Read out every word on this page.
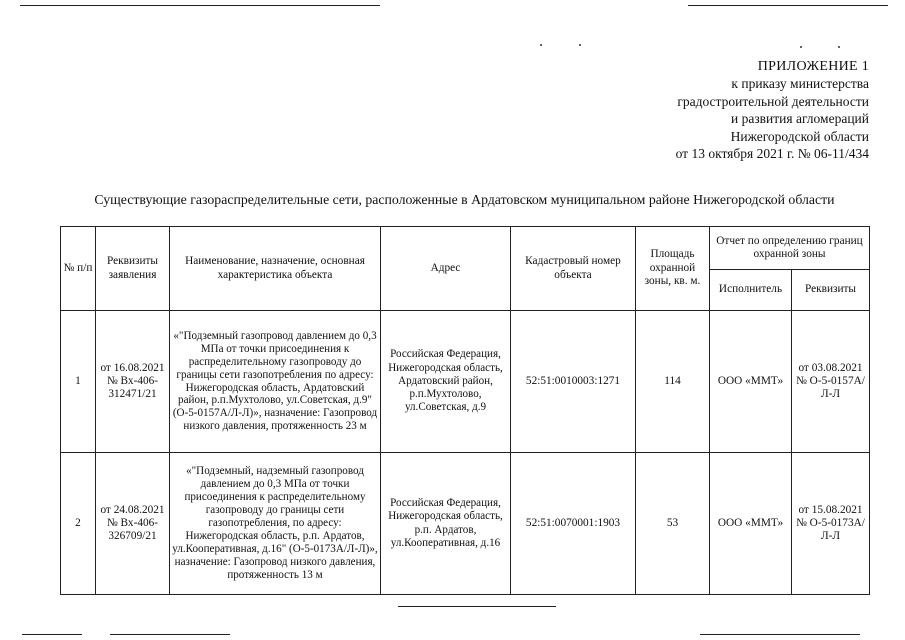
ПРИЛОЖЕНИЕ 1
к приказу министерства
градостроительной деятельности
и развития агломераций
Нижегородской области
от 13 октября 2021 г. № 06-11/434
Существующие газораспределительные сети, расположенные в Ардатовском муниципальном районе Нижегородской области
№ п/п	Реквизиты заявления	Наименование, назначение, основная характеристика объекта	Адрес	Кадастровый номер объекта	Площадь охранной зоны, кв. м.	Отчет по определению границ охранной зоны	
						Исполнитель	Реквизиты
1	от 16.08.2021 № Вх-406-312471/21	«"Подземный газопровод давлением до 0,3 МПа от точки присоединения к распределительному газопроводу до границы сети газопотребления по адресу: Нижегородская область, Ардатовский район, р.п.Мухтолово, ул.Советская, д.9" (О-5-0157А/Л-Л)», назначение: Газопровод низкого давления, протяженность 23 м	Российская Федерация, Нижегородская область, Ардатовский район, р.п.Мухтолово, ул.Советская, д.9	52:51:0010003:1271	114	ООО «ММТ»	от 03.08.2021 № О-5-0157А/Л-Л
2	от 24.08.2021 № Вх-406-326709/21	«"Подземный, надземный газопровод давлением до 0,3 МПа от точки присоединения к распределительному газопроводу до границы сети газопотребления, по адресу: Нижегородская область, р.п. Ардатов, ул.Кооперативная, д.16" (О-5-0173А/Л-Л)», назначение: Газопровод низкого давления, протяженность 13 м	Российская Федерация, Нижегородская область, р.п. Ардатов, ул.Кооперативная, д.16	52:51:0070001:1903	53	ООО «ММТ»	от 15.08.2021 № О-5-0173А/Л-Л
